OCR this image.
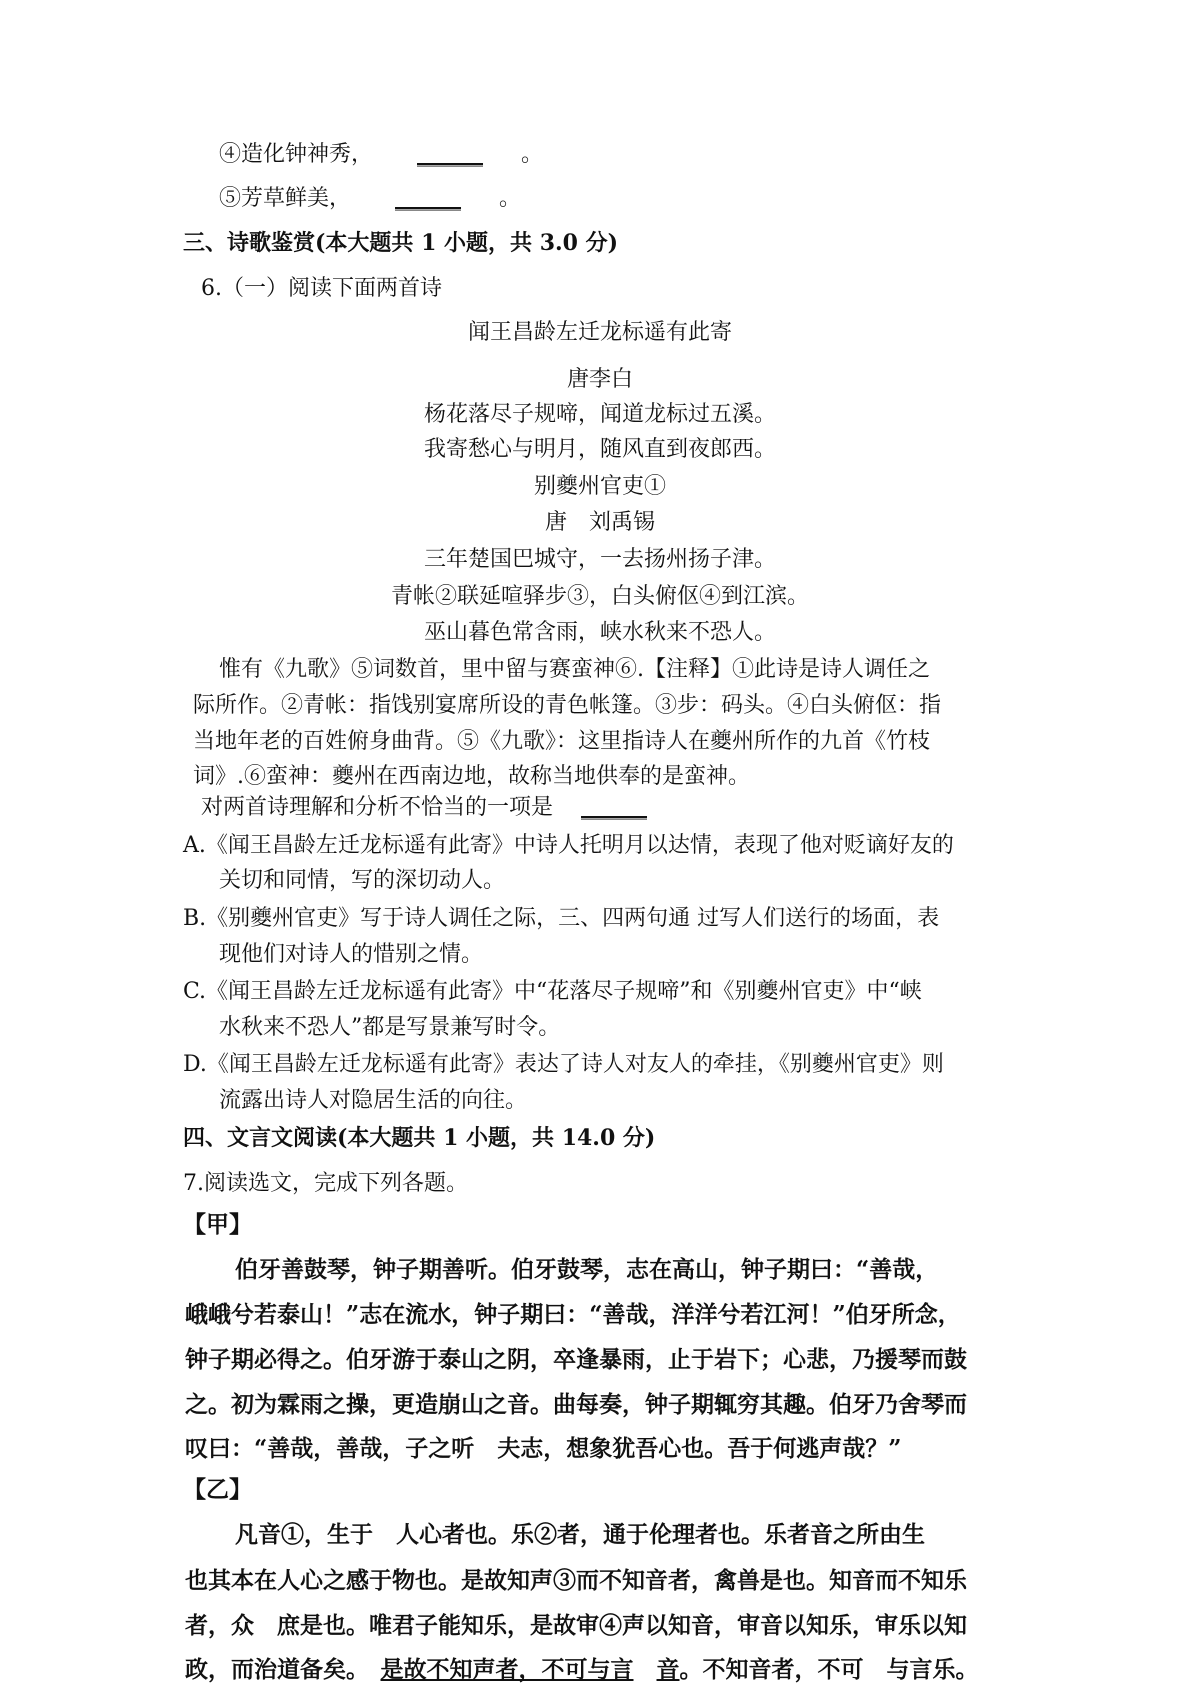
④造化钟神秀， ______ 。
⑤芳草鲜美， ______ 。
三、诗歌鉴赏(本大题共 1 小题，共 3.0 分)
6.（一）阅读下面两首诗
闻王昌龄左迁龙标遥有此寄
唐李白
杨花落尽子规啼，闻道龙标过五溪。
我寄愁心与明月，随风直到夜郎西。
别夔州官吏①
唐　刘禹锡
三年楚国巴城守，一去扬州扬子津。
青帐②联延喧驿步③，白头俯伛④到江滨。
巫山暮色常含雨，峡水秋来不恐人。
惟有《九歌》⑤词数首，里中留与赛蛮神⑥.【注释】①此诗是诗人调任之
际所作。②青帐：指饯别宴席所设的青色帐篷。③步：码头。④白头俯伛：指
当地年老的百姓俯身曲背。⑤《九歌》：这里指诗人在夔州所作的九首《竹枝
词》.⑥蛮神：夔州在西南边地，故称当地供奉的是蛮神。
对两首诗理解和分析不恰当的一项是 ______
A.《闻王昌龄左迁龙标遥有此寄》中诗人托明月以达情，表现了他对贬谪好友的
关切和同情，写的深切动人。
B.《别夔州官吏》写于诗人调任之际，三、四两句通 过写人们送行的场面，表
现他们对诗人的惜别之情。
C.《闻王昌龄左迁龙标遥有此寄》中“花落尽子规啼”和《别夔州官吏》中“峡
水秋来不恐人”都是写景兼写时令。
D.《闻王昌龄左迁龙标遥有此寄》表达了诗人对友人的牵挂，《别夔州官吏》则
流露出诗人对隐居生活的向往。
四、文言文阅读(本大题共 1 小题，共 14.0 分)
7.阅读选文，完成下列各题。
【甲】
伯牙善鼓琴，钟子期善听。伯牙鼓琴，志在高山，钟子期曰：“善哉，
峨峨兮若泰山！”志在流水，钟子期曰：“善哉，洋洋兮若江河！”伯牙所念，
钟子期必得之。伯牙游于泰山之阴，卒逢暴雨，止于岩下；心悲，乃援琴而鼓
之。初为霖雨之操，更造崩山之音。曲每奏，钟子期辄穷其趣。伯牙乃舍琴而
叹曰：“善哉，善哉，子之听　夫志，想象犹吾心也。吾于何逃声哉？”
【乙】
凡音①，生于　人心者也。乐②者，通于伦理者也。乐者音之所由生
也其本在人心之感于物也。是故知声③而不知音者，禽兽是也。知音而不知乐
者，众　庶是也。唯君子能知乐，是故审④声以知音，审音以知乐，审乐以知
政，而治道备矣。　是故不知声者，不可与言　 音。不知音者，不可　与言乐。
